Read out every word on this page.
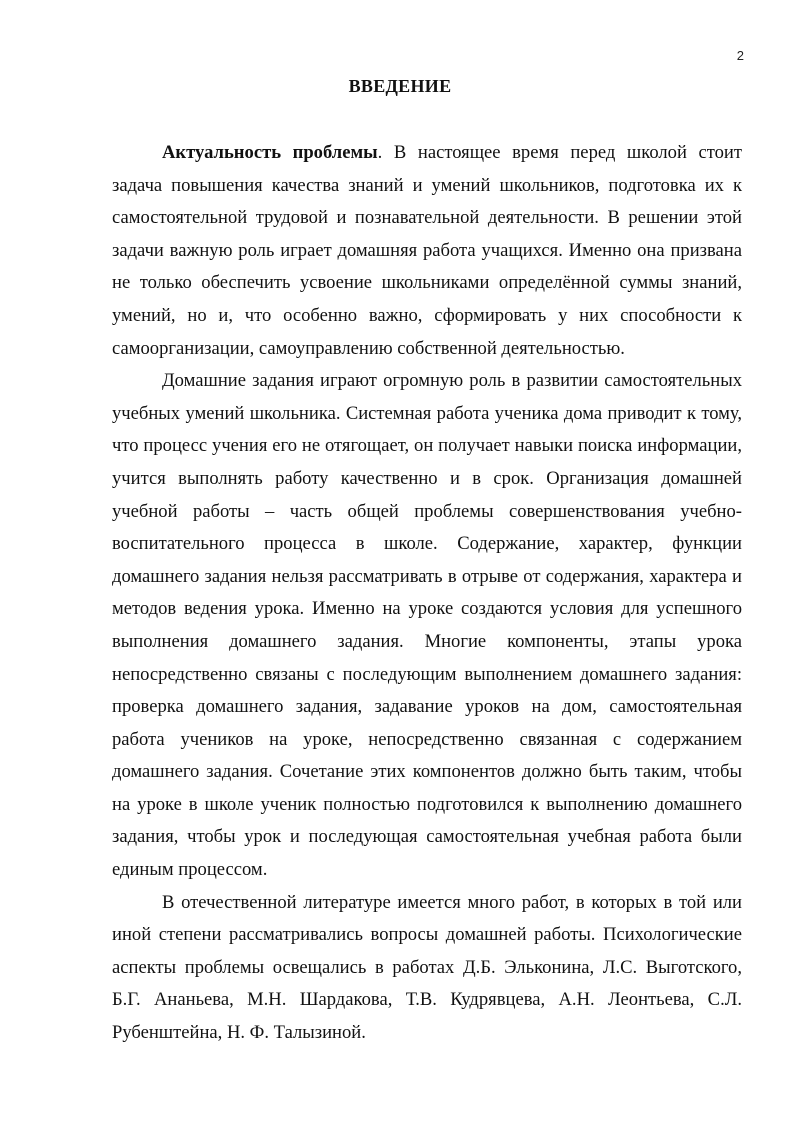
2
ВВЕДЕНИЕ

Актуальность проблемы. В настоящее время перед школой стоит задача повышения качества знаний и умений школьников, подготовка их к самостоятельной трудовой и познавательной деятельности. В решении этой задачи важную роль играет домашняя работа учащихся. Именно она призвана не только обеспечить усвоение школьниками определённой суммы знаний, умений, но и, что особенно важно, сформировать у них способности к самоорганизации, самоуправлению собственной деятельностью.

Домашние задания играют огромную роль в развитии самостоятельных учебных умений школьника. Системная работа ученика дома приводит к тому, что процесс учения его не отягощает, он получает навыки поиска информации, учится выполнять работу качественно и в срок. Организация домашней учебной работы – часть общей проблемы совершенствования учебно-воспитательного процесса в школе. Содержание, характер, функции домашнего задания нельзя рассматривать в отрыве от содержания, характера и методов ведения урока. Именно на уроке создаются условия для успешного выполнения домашнего задания. Многие компоненты, этапы урока непосредственно связаны с последующим выполнением домашнего задания: проверка домашнего задания, задавание уроков на дом, самостоятельная работа учеников на уроке, непосредственно связанная с содержанием домашнего задания. Сочетание этих компонентов должно быть таким, чтобы на уроке в школе ученик полностью подготовился к выполнению домашнего задания, чтобы урок и последующая самостоятельная учебная работа были единым процессом.

В отечественной литературе имеется много работ, в которых в той или иной степени рассматривались вопросы домашней работы. Психологические аспекты проблемы освещались в работах Д.Б. Эльконина, Л.С. Выготского, Б.Г. Ананьева, М.Н. Шардакова, Т.В. Кудрявцева, А.Н. Леонтьева, С.Л. Рубенштейна, Н. Ф. Талызиной.
